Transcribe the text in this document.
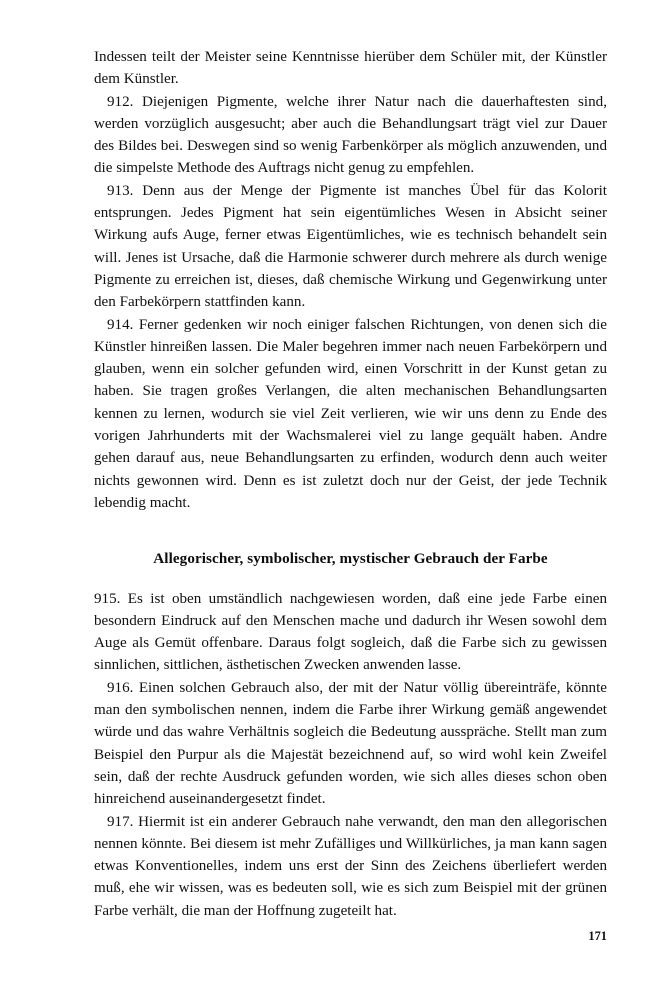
Indessen teilt der Meister seine Kenntnisse hierüber dem Schüler mit, der Künstler dem Künstler.

912. Diejenigen Pigmente, welche ihrer Natur nach die dauerhaftesten sind, werden vorzüglich ausgesucht; aber auch die Behandlungsart trägt viel zur Dauer des Bildes bei. Deswegen sind so wenig Farbenkörper als möglich anzuwenden, und die simpelste Methode des Auftrags nicht genug zu empfehlen.

913. Denn aus der Menge der Pigmente ist manches Übel für das Kolorit entsprungen. Jedes Pigment hat sein eigentümliches Wesen in Absicht seiner Wirkung aufs Auge, ferner etwas Eigentümliches, wie es technisch behandelt sein will. Jenes ist Ursache, daß die Harmonie schwerer durch mehrere als durch wenige Pigmente zu erreichen ist, dieses, daß chemische Wirkung und Gegenwirkung unter den Farbekörpern stattfinden kann.

914. Ferner gedenken wir noch einiger falschen Richtungen, von denen sich die Künstler hinreißen lassen. Die Maler begehren immer nach neuen Farbekörpern und glauben, wenn ein solcher gefunden wird, einen Vorschritt in der Kunst getan zu haben. Sie tragen großes Verlangen, die alten mechanischen Behandlungsarten kennen zu lernen, wodurch sie viel Zeit verlieren, wie wir uns denn zu Ende des vorigen Jahrhunderts mit der Wachsmalerei viel zu lange gequält haben. Andre gehen darauf aus, neue Behandlungsarten zu erfinden, wodurch denn auch weiter nichts gewonnen wird. Denn es ist zuletzt doch nur der Geist, der jede Technik lebendig macht.

Allegorischer, symbolischer, mystischer Gebrauch der Farbe

915. Es ist oben umständlich nachgewiesen worden, daß eine jede Farbe einen besondern Eindruck auf den Menschen mache und dadurch ihr Wesen sowohl dem Auge als Gemüt offenbare. Daraus folgt sogleich, daß die Farbe sich zu gewissen sinnlichen, sittlichen, ästhetischen Zwecken anwenden lasse.

916. Einen solchen Gebrauch also, der mit der Natur völlig übereinträfe, könnte man den symbolischen nennen, indem die Farbe ihrer Wirkung gemäß angewendet würde und das wahre Verhältnis sogleich die Bedeutung ausspräche. Stellt man zum Beispiel den Purpur als die Majestät bezeichnend auf, so wird wohl kein Zweifel sein, daß der rechte Ausdruck gefunden worden, wie sich alles dieses schon oben hinreichend auseinandergesetzt findet.

917. Hiermit ist ein anderer Gebrauch nahe verwandt, den man den allegorischen nennen könnte. Bei diesem ist mehr Zufälliges und Willkürliches, ja man kann sagen etwas Konventionelles, indem uns erst der Sinn des Zeichens überliefert werden muß, ehe wir wissen, was es bedeuten soll, wie es sich zum Beispiel mit der grünen Farbe verhält, die man der Hoffnung zugeteilt hat.

171
